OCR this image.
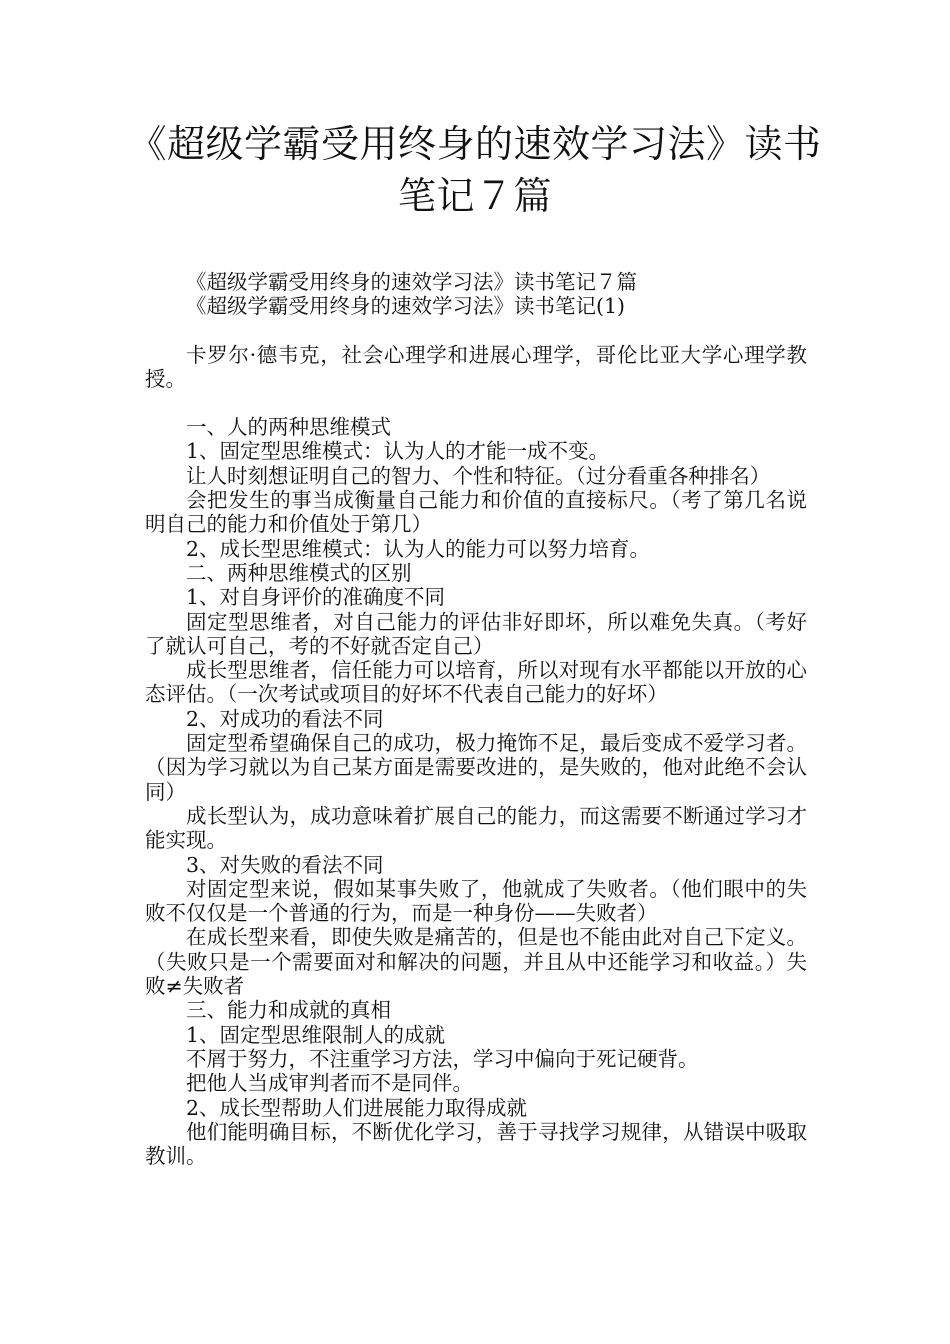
《超级学霸受用终身的速效学习法》读书
笔记７篇

《超级学霸受用终身的速效学习法》读书笔记７篇

《超级学霸受用终身的速效学习法》读书笔记(1)

卡罗尔·德韦克，社会心理学和进展心理学，哥伦比亚大学心理学教授。

一、人的两种思维模式

1、固定型思维模式：认为人的才能一成不变。

让人时刻想证明自己的智力、个性和特征。（过分看重各种排名）

会把发生的事当成衡量自己能力和价值的直接标尺。（考了第几名说明自己的能力和价值处于第几）

2、成长型思维模式：认为人的能力可以努力培育。

二、两种思维模式的区别

1、对自身评价的准确度不同

固定型思维者，对自己能力的评估非好即坏，所以难免失真。（考好了就认可自己，考的不好就否定自己）

成长型思维者，信任能力可以培育，所以对现有水平都能以开放的心态评估。（一次考试或项目的好坏不代表自己能力的好坏）

2、对成功的看法不同

固定型希望确保自己的成功，极力掩饰不足，最后变成不爱学习者。（因为学习就以为自己某方面是需要改进的，是失败的，他对此绝不会认同）

成长型认为，成功意味着扩展自己的能力，而这需要不断通过学习才能实现。

3、对失败的看法不同

对固定型来说，假如某事失败了，他就成了失败者。（他们眼中的失败不仅仅是一个普通的行为，而是一种身份——失败者）

在成长型来看，即使失败是痛苦的，但是也不能由此对自己下定义。（失败只是一个需要面对和解决的问题，并且从中还能学习和收益。）失败≠失败者

三、能力和成就的真相

1、固定型思维限制人的成就

不屑于努力，不注重学习方法，学习中偏向于死记硬背。

把他人当成审判者而不是同伴。

2、成长型帮助人们进展能力取得成就

他们能明确目标，不断优化学习，善于寻找学习规律，从错误中吸取教训。
